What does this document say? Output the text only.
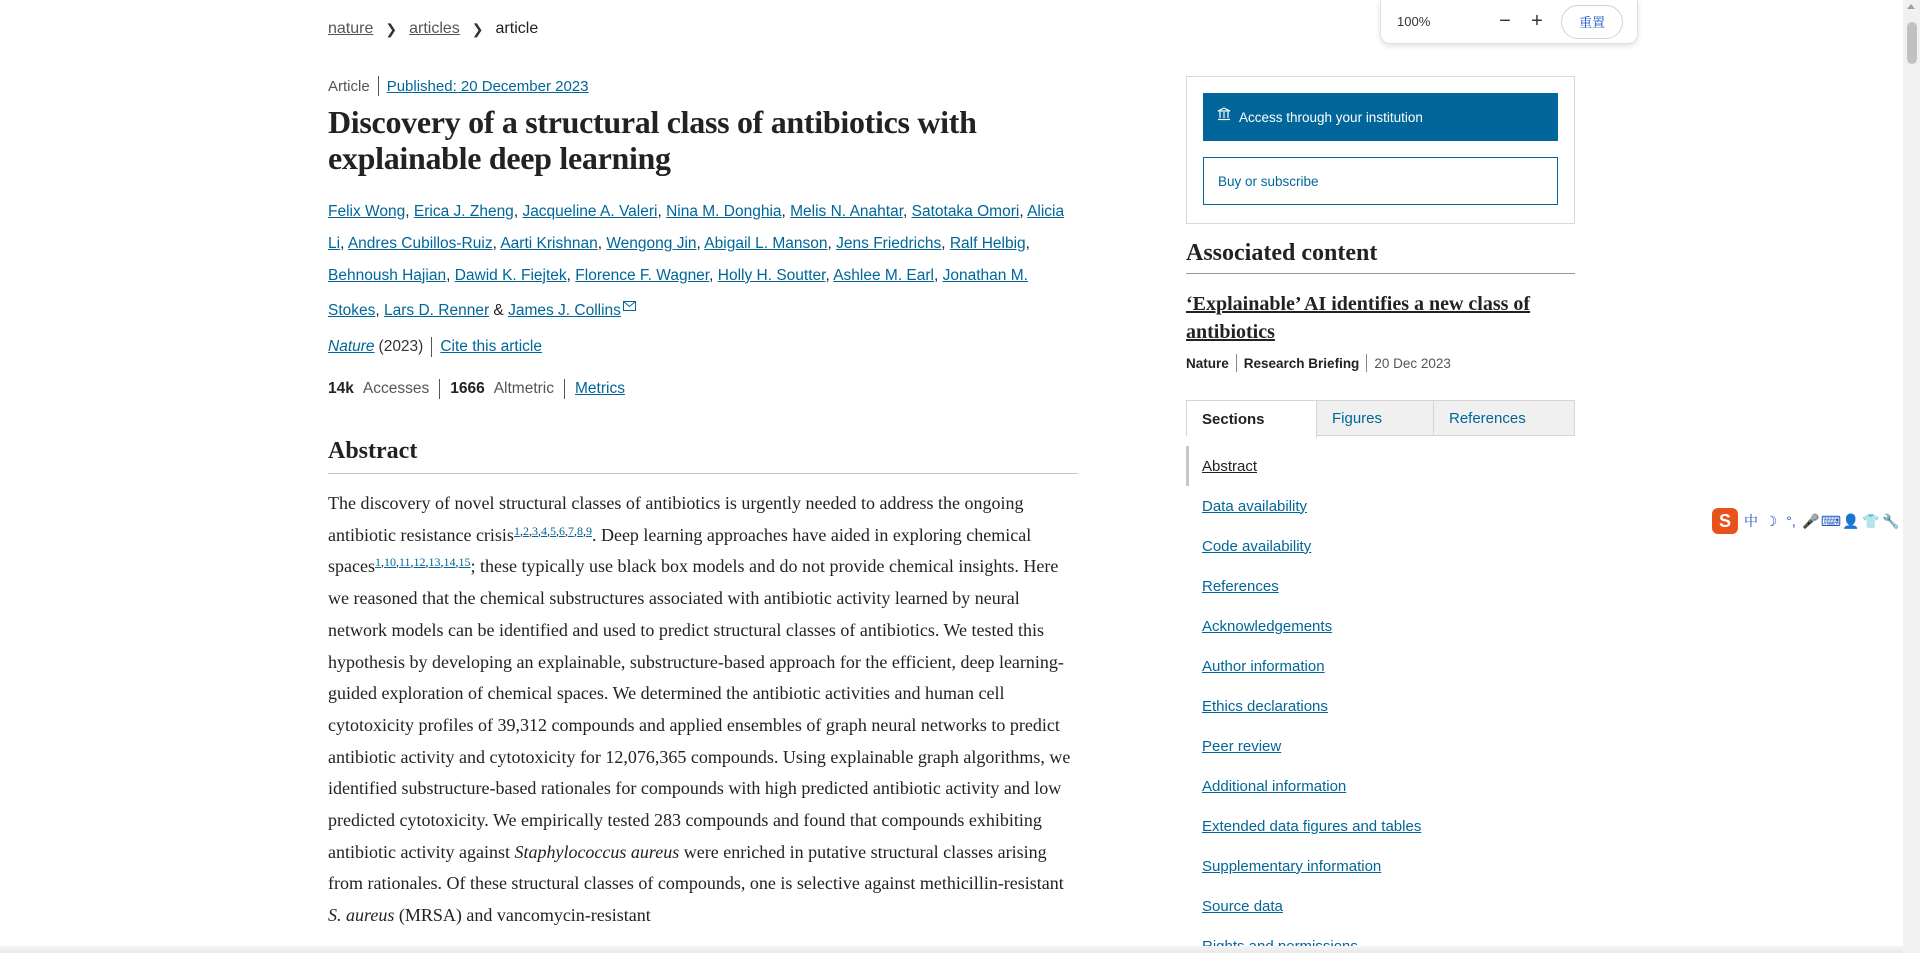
nature ❯ articles ❯ article	100%	−	+	重置
Article Published: 20 December 2023
Discovery of a structural class of antibiotics with explainable deep learning
Felix Wong, Erica J. Zheng, Jacqueline A. Valeri, Nina M. Donghia, Melis N. Anahtar, Satotaka Omori, Alicia Li, Andres Cubillos-Ruiz, Aarti Krishnan, Wengong Jin, Abigail L. Manson, Jens Friedrichs, Ralf Helbig, Behnoush Hajian, Dawid K. Fiejtek, Florence F. Wagner, Holly H. Soutter, Ashlee M. Earl, Jonathan M. Stokes, Lars D. Renner & James J. Collins
Nature (2023) Cite this article
14k Accesses 1666 Altmetric Metrics
Abstract

The discovery of novel structural classes of antibiotics is urgently needed to address the ongoing antibiotic resistance crisis$^{1,2,3,4,5,6,7,8,9}$. Deep learning approaches have aided in exploring chemical spaces$^{1,10,11,12,13,14,15}$; these typically use black box models and do not provide chemical insights. Here we reasoned that the chemical substructures associated with antibiotic activity learned by neural network models can be identified and used to predict structural classes of antibiotics. We tested this hypothesis by developing an explainable, substructure-based approach for the efficient, deep learning-guided exploration of chemical spaces. We determined the antibiotic activities and human cell cytotoxicity profiles of 39,312 compounds and applied ensembles of graph neural networks to predict antibiotic activity and cytotoxicity for 12,076,365 compounds. Using explainable graph algorithms, we identified substructure-based rationales for compounds with high predicted antibiotic activity and low predicted cytotoxicity. We empirically tested 283 compounds and found that compounds exhibiting antibiotic activity against Staphylococcus aureus were enriched in putative structural classes arising from rationales. Of these structural classes of compounds, one is selective against methicillin-resistant S. aureus (MRSA) and vancomycin-resistant

Access through your institution
Buy or subscribe
Associated content
‘Explainable’ AI identifies a new class of antibiotics
Nature Research Briefing 20 Dec 2023
Sections	Figures	References
Abstract
Data availability
Code availability
References
Acknowledgements
Author information
Ethics declarations
Peer review
Additional information
Extended data figures and tables
Supplementary information
Source data
S 中 ☽ °, 🎤 ⌨ 👤 👕 🔧
